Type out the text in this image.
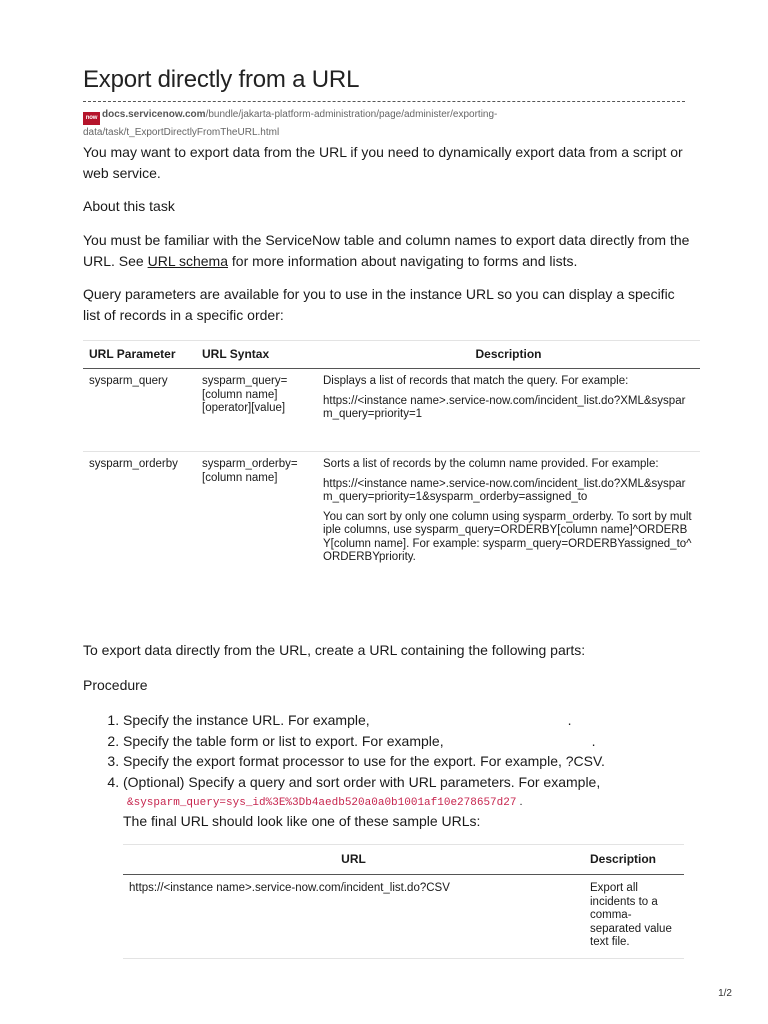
Export directly from a URL
now docs.servicenow.com/bundle/jakarta-platform-administration/page/administer/exporting-data/task/t_ExportDirectlyFromTheURL.html

You may want to export data from the URL if you need to dynamically export data from a script or web service.

About this task

You must be familiar with the ServiceNow table and column names to export data directly from the URL. See URL schema for more information about navigating to forms and lists.

Query parameters are available for you to use in the instance URL so you can display a specific list of records in a specific order:

URL Parameter	URL Syntax	Description
sysparm_query	sysparm_query=[column name][operator][value]	Displays a list of records that match the query. For example:

https://<instance name>.service-now.com/incident_list.do?XML&sysparm_query=priority=1

sysparm_orderby	sysparm_orderby=[column name]	Sorts a list of records by the column name provided. For example:

https://<instance name>.service-now.com/incident_list.do?XML&sysparm_query=priority=1&sysparm_orderby=assigned_to

You can sort by only one column using sysparm_orderby. To sort by multiple columns, use sysparm_query=ORDERBY[column name]^ORDERBY[column name]. For example: sysparm_query=ORDERBYassigned_to^ORDERBYpriority.

To export data directly from the URL, create a URL containing the following parts:

Procedure

1. Specify the instance URL. For example,	.
2. Specify the table form or list to export. For example,	.
3. Specify the export format processor to use for the export. For example, ?CSV.
4. (Optional) Specify a query and sort order with URL parameters. For example,
&sysparm_query=sys_id%3E%3Db4aedb520a0a0b1001af10e278657d27 .
The final URL should look like one of these sample URLs:
URL	Description
https://<instance name>.service-now.com/incident_list.do?CSV	Export all incidents to a comma-separated value text file.
1/2
